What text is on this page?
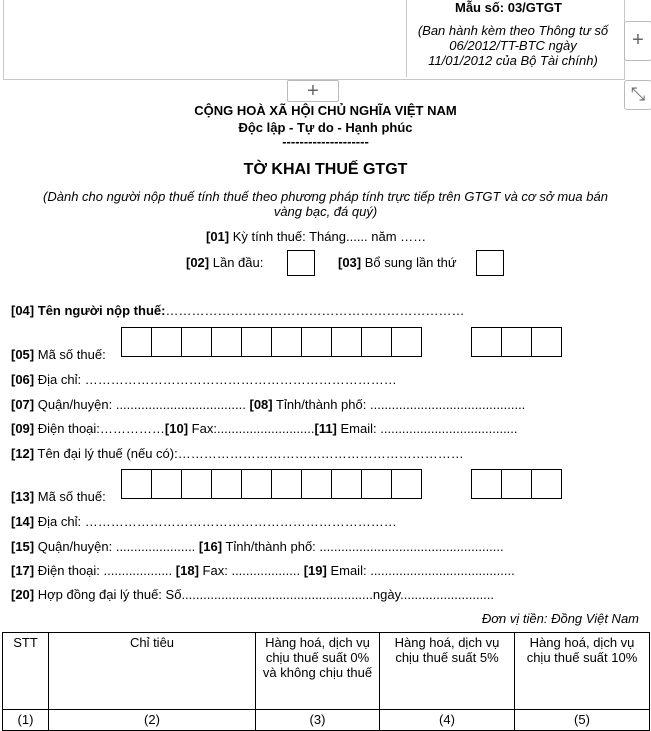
Mẫu số: 03/GTGT
(Ban hành kèm theo Thông tư số
06/2012/TT-BTC ngày
11/01/2012 của Bộ Tài chính)
+
+	⤡
CỘNG HOÀ XÃ HỘI CHỦ NGHĨA VIỆT NAM
Độc lập - Tự do - Hạnh phúc
--------------------
TỜ KHAI THUẾ GTGT
(Dành cho người nộp thuế tính thuế theo phương pháp tính trực tiếp trên GTGT và cơ sở mua bán
vàng bạc, đá quý)
[01] Kỳ tính thuế: Tháng...... năm ……
[02] Lần đầu:	[03] Bổ sung lần thứ
[04] Tên người nộp thuế:……………………………………………………………
[05] Mã số thuế:
[06] Địa chỉ: ………………………………………………………………
[07] Quận/huyện: .................................... [08] Tỉnh/thành phố: ...........................................
[09] Điện thoại:……………[10] Fax:...........................[11] Email: ......................................
[12] Tên đại lý thuế (nếu có):…………………………………………………………
[13] Mã số thuế:
[14] Địa chỉ: ………………………………………………………………
[15] Quận/huyện: ...................... [16] Tỉnh/thành phố: ...................................................
[17] Điện thoại: ................... [18] Fax: ................... [19] Email: ........................................
[20] Hợp đồng đại lý thuế: Số.....................................................ngày..........................
Đơn vị tiền: Đồng Việt Nam
STT	Chỉ tiêu	Hàng hoá, dịch vụ chịu thuế suất 0% và không chịu thuế	Hàng hoá, dịch vụ chịu thuế suất 5%	Hàng hoá, dịch vụ chịu thuế suất 10%
(1)	(2)	(3)	(4)	(5)
